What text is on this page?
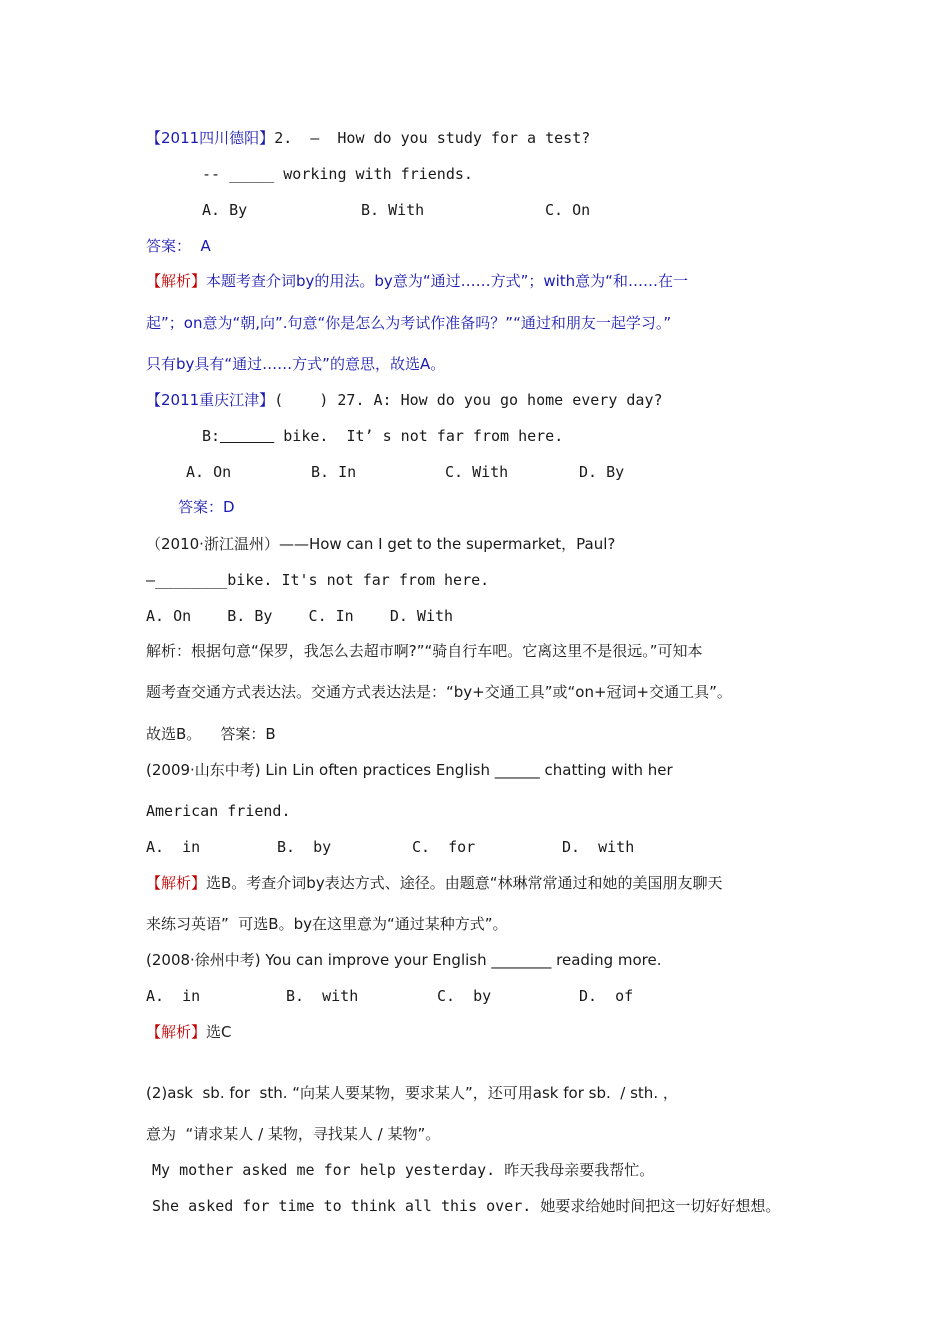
【2011四川德阳】2.  –  How do you study for a test?
-- _____ working with friends.
A. By	B. With	C. On
答案：  A
【解析】本题考查介词by的用法。by意为“通过……方式”；with意为“和……在一
起”；on意为“朝,向”.句意“你是怎么为考试作准备吗？”“通过和朋友一起学习。”
只有by具有“通过……方式”的意思，故选A。
【2011重庆江津】(    ) 27. A: How do you go home every day?
B:	bike.  It’ s not far from here.
A. On	B. In	C. With	D. By
答案：D
（2010·浙江温州）——How can I get to the supermarket，Paul?
—________bike. It's not far from here.
A. On    B. By    C. In    D. With
解析：根据句意“保罗，我怎么去超市啊?”“骑自行车吧。它离这里不是很远。”可知本
题考查交通方式表达法。交通方式表达法是：“by+交通工具”或“on+冠词+交通工具”。
故选B。    答案：B
(2009·山东中考) Lin Lin often practices English ______ chatting with her
American friend.
A.  in	B.  by	C.  for	D.  with
【解析】选B。考查介词by表达方式、途径。由题意“林琳常常通过和她的美国朋友聊天
来练习英语”  可选B。by在这里意为“通过某种方式”。
(2008·徐州中考) You can improve your English ________ reading more.
A.  in	B.  with	C.  by	D.  of
【解析】选C
(2)ask  sb. for  sth. “向某人要某物，要求某人”，还可用ask for sb.  / sth. ，
意为  “请求某人 / 某物，寻找某人 / 某物”。
My mother asked me for help yesterday. 昨天我母亲要我帮忙。
She asked for time to think all this over. 她要求给她时间把这一切好好想想。
